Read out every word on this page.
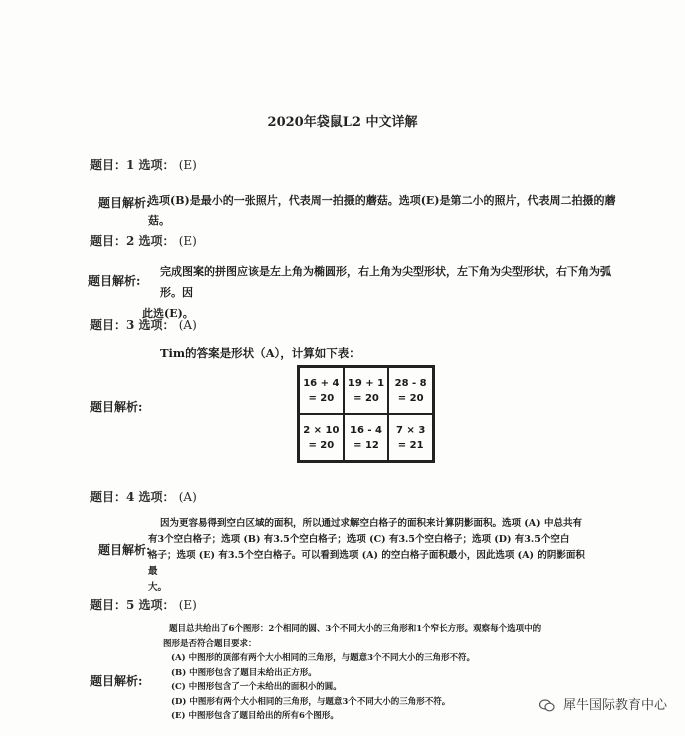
2020年袋鼠L2 中文详解
题目：1 选项： (E)
题目解析:
选项(B)是最小的一张照片，代表周一拍摄的蘑菇。选项(E)是第二小的照片，代表周二拍摄的蘑菇。
题目：2 选项： (E)
题目解析:
完成图案的拼图应该是左上角为椭圆形，右上角为尖型形状，左下角为尖型形状，右下角为弧形。因
此选(E)。
题目：3 选项： (A)
Tim的答案是形状（A），计算如下表：
题目解析:
16 + 4
= 20
19 + 1
= 20
28 - 8
= 20
2 × 10
= 20
16 - 4
= 12
7 × 3
= 21
题目：4 选项： (A)
题目解析:
因为更容易得到空白区域的面积，所以通过求解空白格子的面积来计算阴影面积。选项 (A) 中总共有
有3个空白格子；选项 (B) 有3.5个空白格子；选项 (C) 有3.5个空白格子；选项 (D) 有3.5个空白
格子；选项 (E) 有3.5个空白格子。可以看到选项 (A) 的空白格子面积最小，因此选项 (A) 的阴影面积最
大。
题目：5 选项： (E)
题目解析:
题目总共给出了6个图形：2个相同的圆、3个不同大小的三角形和1个窄长方形。观察每个选项中的
图形是否符合题目要求：
(A) 中图形的顶部有两个大小相同的三角形，与题意3个不同大小的三角形不符。
(B) 中图形包含了题目未给出正方形。
(C) 中图形包含了一个未给出的面积小的圆。
(D) 中图形有两个大小相同的三角形，与题意3个不同大小的三角形不符。
(E) 中图形包含了题目给出的所有6个图形。
犀牛国际教育中心
